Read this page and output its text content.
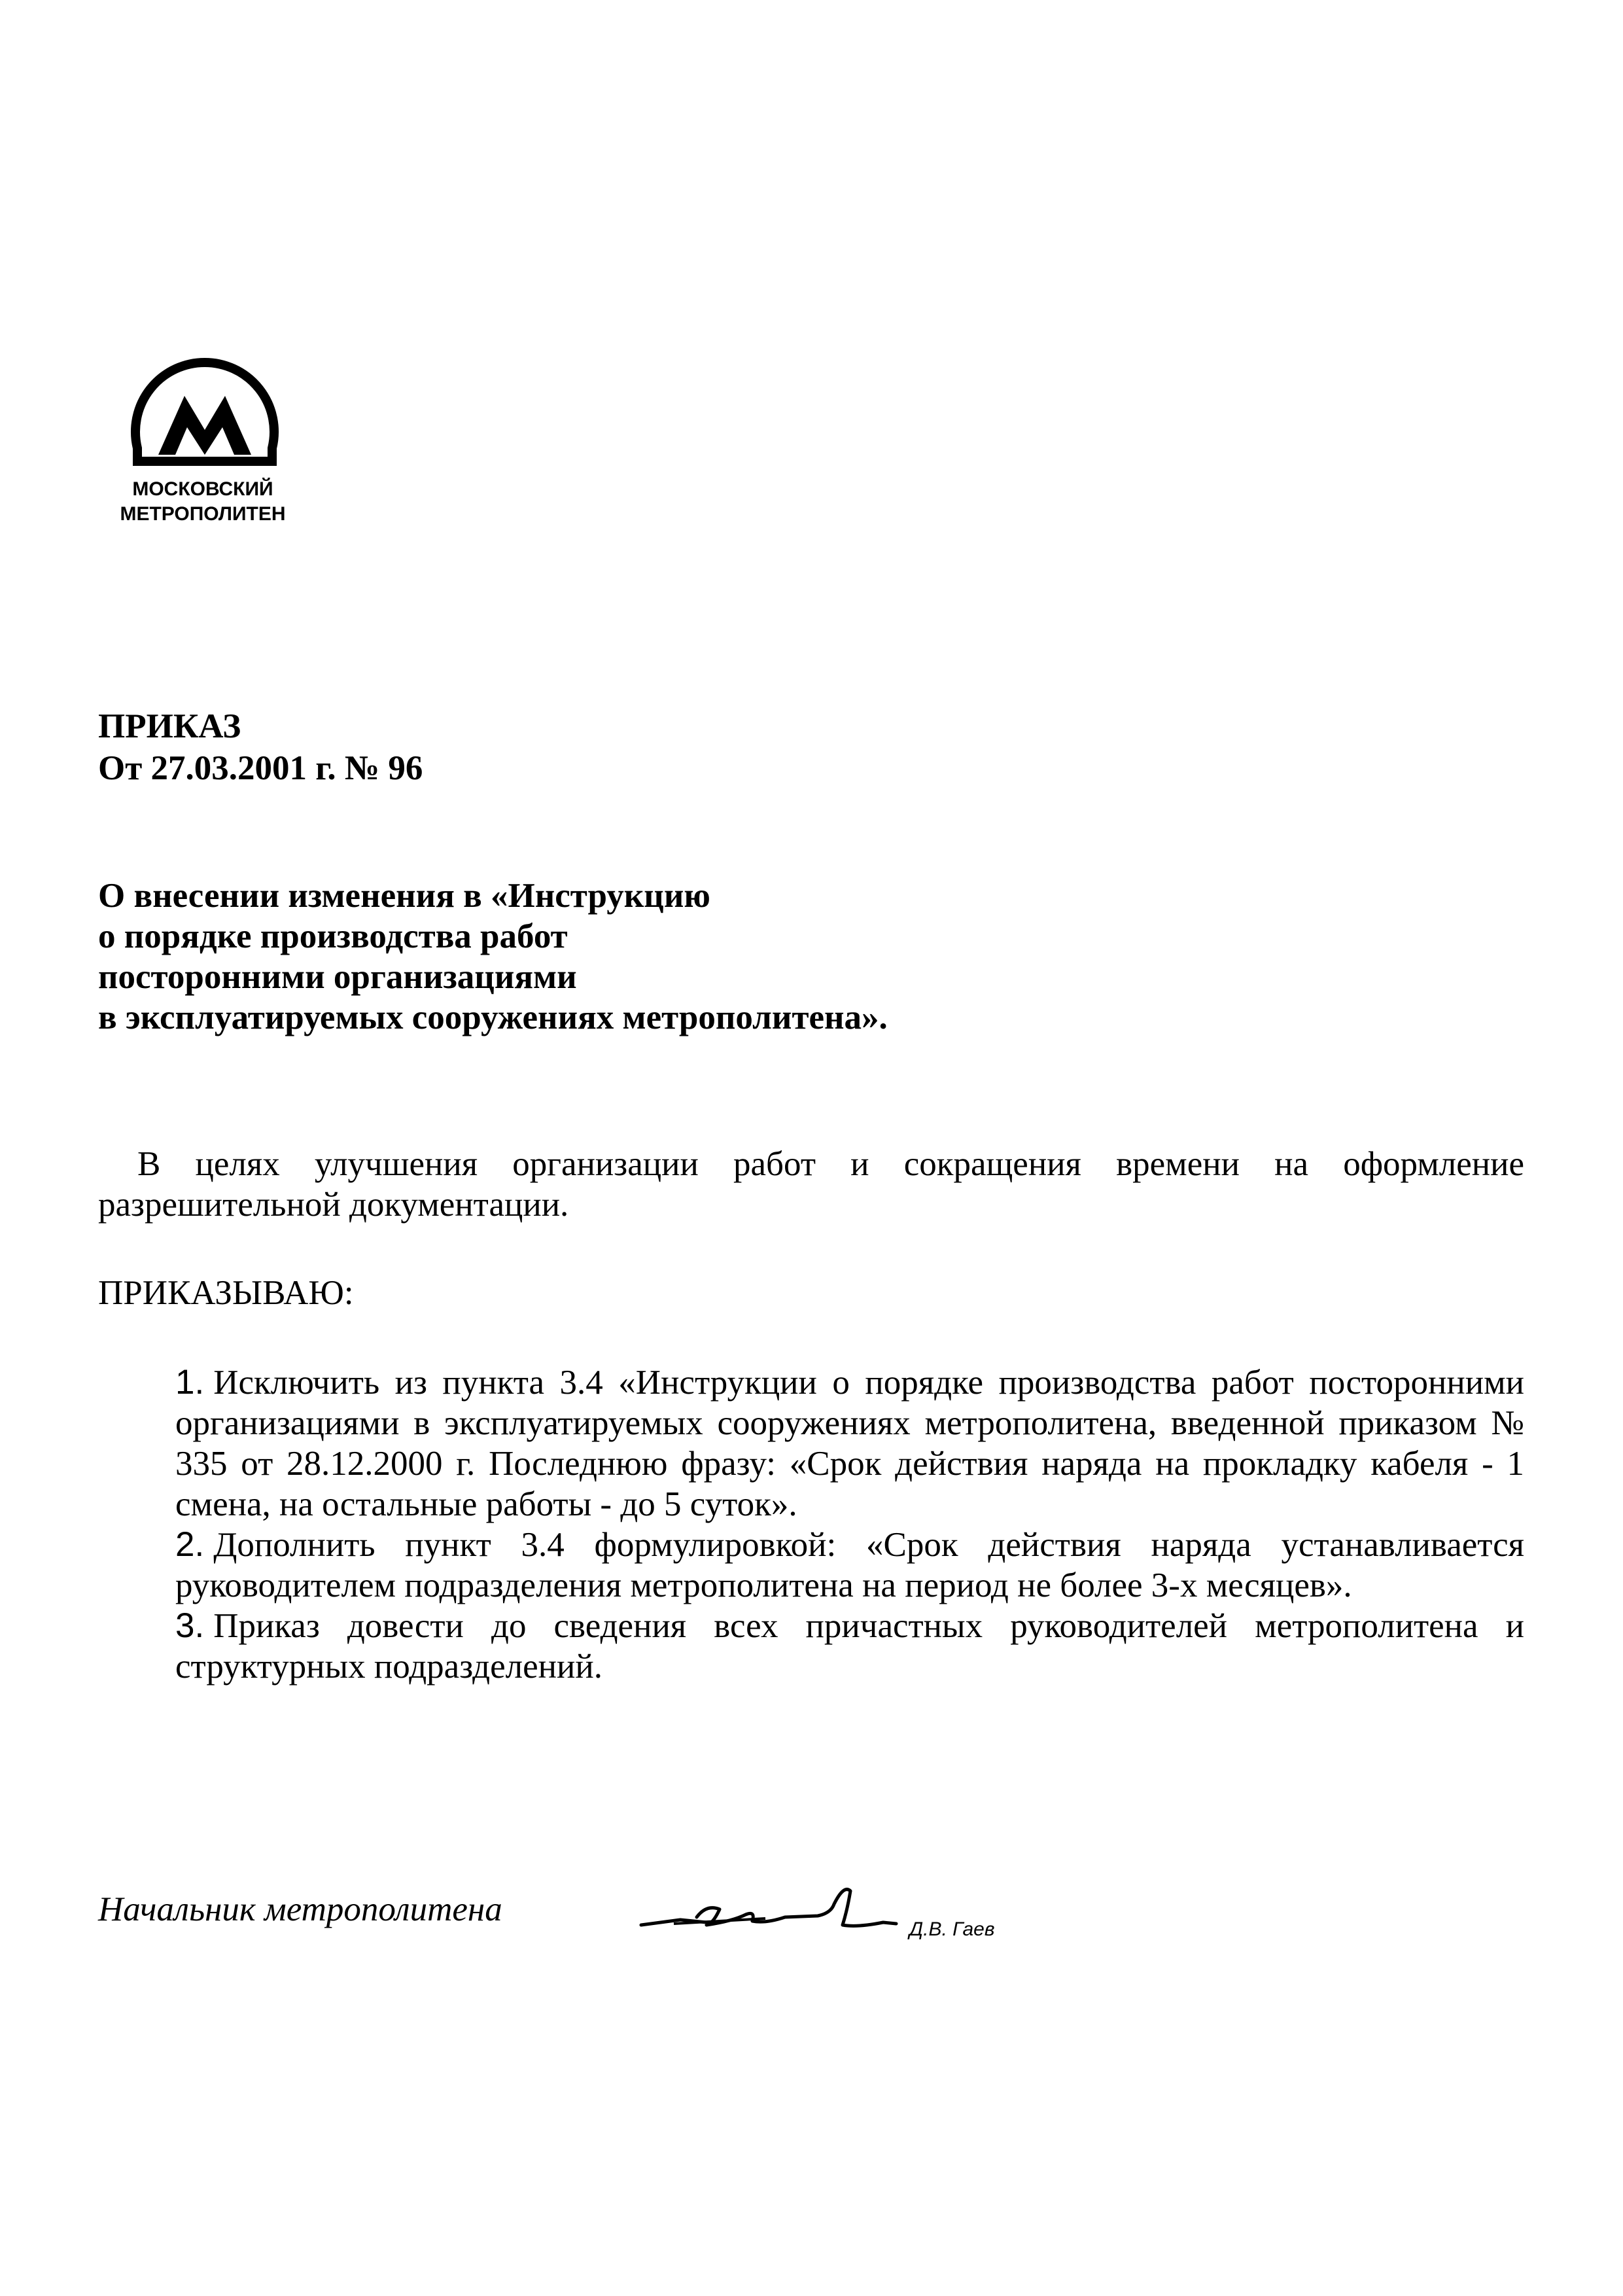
МОСКОВСКИЙ
МЕТРОПОЛИТЕН
ПРИКАЗ
От 27.03.2001 г. № 96
О внесении изменения в «Инструкцию
о порядке производства работ
посторонними организациями
в эксплуатируемых сооружениях метрополитена».
В целях улучшения организации работ и сокращения времени на оформление разрешительной документации.
ПРИКАЗЫВАЮ:
1. Исключить из пункта 3.4 «Инструкции о порядке производства работ посторонними организациями в эксплуатируемых сооружениях метрополитена, введенной приказом № 335 от 28.12.2000 г. Последнюю фразу: «Срок действия наряда на прокладку кабеля - 1 смена, на остальные работы - до 5 суток».
2. Дополнить пункт 3.4 формулировкой: «Срок действия наряда устанавливается руководителем подразделения метрополитена на период не более 3-х месяцев».
3. Приказ довести до сведения всех причастных руководителей метрополитена и структурных подразделений.
Начальник метрополитена
Д.В. Гаев
